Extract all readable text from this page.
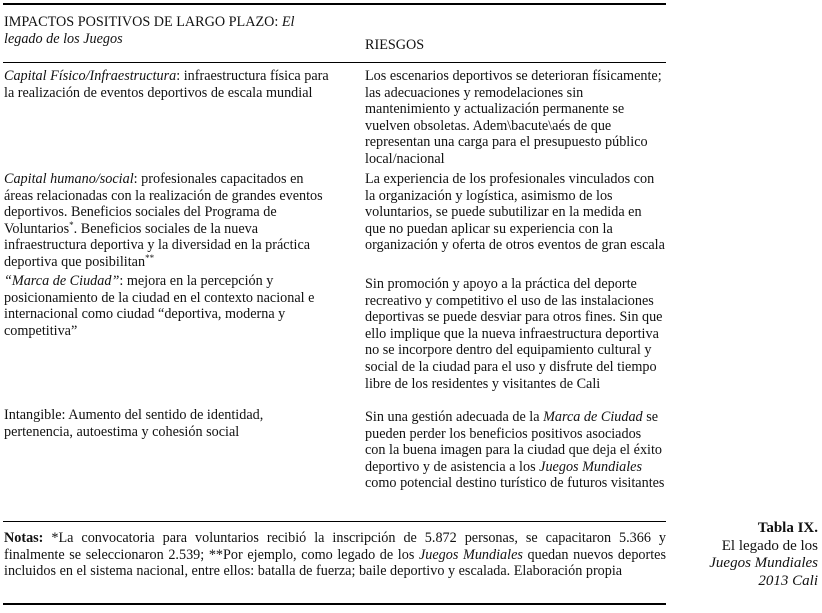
IMPACTOS POSITIVOS DE LARGO PLAZO: El legado de los Juegos	RIESGOS
Capital Físico/Infraestructura: infraestructura física para la realización de eventos deportivos de escala mundial
Los escenarios deportivos se deterioran físicamente; las adecuaciones y remodelaciones sin mantenimiento y actualización permanente se vuelven obsoletas. Adem\bacute\aés de que representan una carga para el presupuesto público local/nacional
Capital humano/social: profesionales capacitados en áreas relacionadas con la realización de grandes eventos deportivos. Beneficios sociales del Programa de Voluntarios*. Beneficios sociales de la nueva infraestructura deportiva y la diversidad en la práctica deportiva que posibilitan**
La experiencia de los profesionales vinculados con la organización y logística, asimismo de los voluntarios, se puede subutilizar en la medida en que no puedan aplicar su experiencia con la organización y oferta de otros eventos de gran escala
“Marca de Ciudad”: mejora en la percepción y posicionamiento de la ciudad en el contexto nacional e internacional como ciudad “deportiva, moderna y competitiva”
Sin promoción y apoyo a la práctica del deporte recreativo y competitivo el uso de las instalaciones deportivas se puede desviar para otros fines. Sin que ello implique que la nueva infraestructura deportiva no se incorpore dentro del equipamiento cultural y social de la ciudad para el uso y disfrute del tiempo libre de los residentes y visitantes de Cali
Intangible: Aumento del sentido de identidad, pertenencia, autoestima y cohesión social
Sin una gestión adecuada de la Marca de Ciudad se pueden perder los beneficios positivos asociados con la buena imagen para la ciudad que deja el éxito deportivo y de asistencia a los Juegos Mundiales como potencial destino turístico de futuros visitantes
Notas: *La convocatoria para voluntarios recibió la inscripción de 5.872 personas, se capacitaron 5.366 y finalmente se seleccionaron 2.539; **Por ejemplo, como legado de los Juegos Mundiales quedan nuevos deportes incluidos en el sistema nacional, entre ellos: batalla de fuerza; baile deportivo y escalada. Elaboración propia
Tabla IX.
El legado de los
Juegos Mundiales
2013 Cali
